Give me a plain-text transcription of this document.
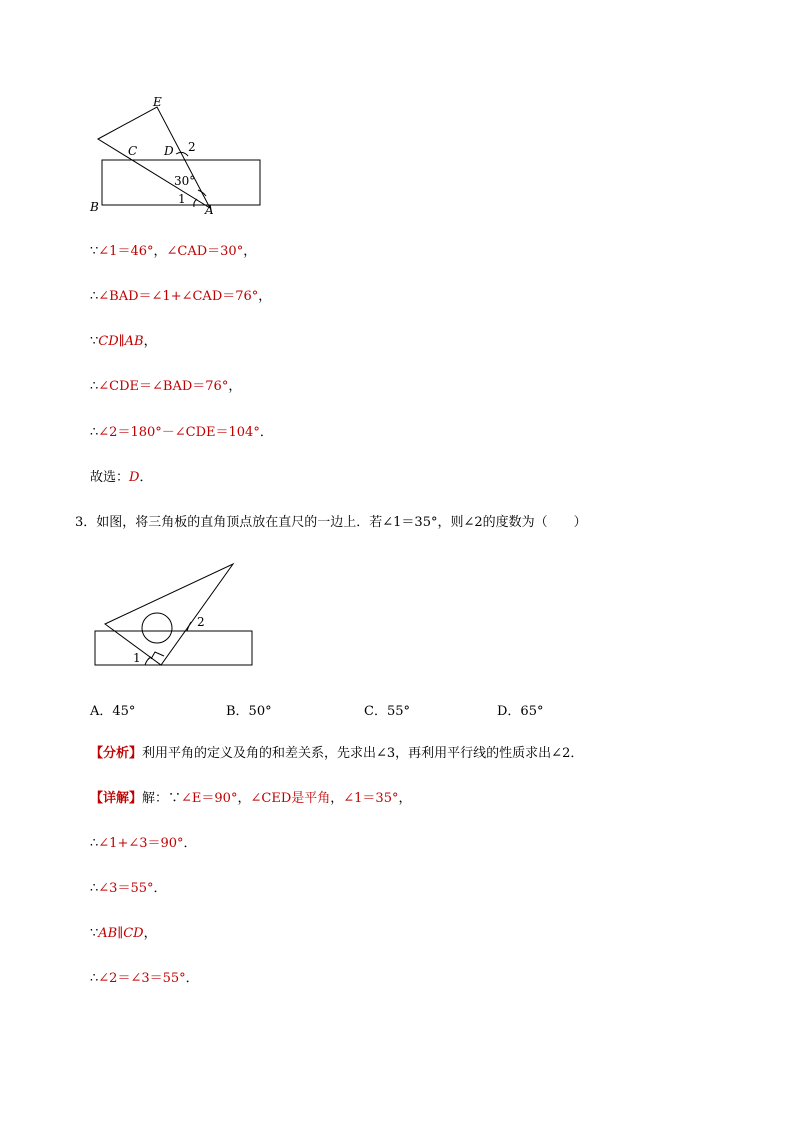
E
C D 2
30°
1
B	A
∵∠1＝46°，∠CAD＝30°，
∴∠BAD＝∠1+∠CAD＝76°，
∵CD∥AB，
∴∠CDE＝∠BAD＝76°，
∴∠2＝180°－∠CDE＝104°．
故选：D．
3．如图，将三角板的直角顶点放在直尺的一边上．若∠1＝35°，则∠2的度数为（　　）
2
1
A．45°	B．50°	C．55°	D．65°
【分析】利用平角的定义及角的和差关系，先求出∠3，再利用平行线的性质求出∠2．
【详解】解：∵∠E＝90°，∠CED是平角，∠1＝35°，
∴∠1+∠3＝90°．
∴∠3＝55°．
∵AB∥CD，
∴∠2＝∠3＝55°．
